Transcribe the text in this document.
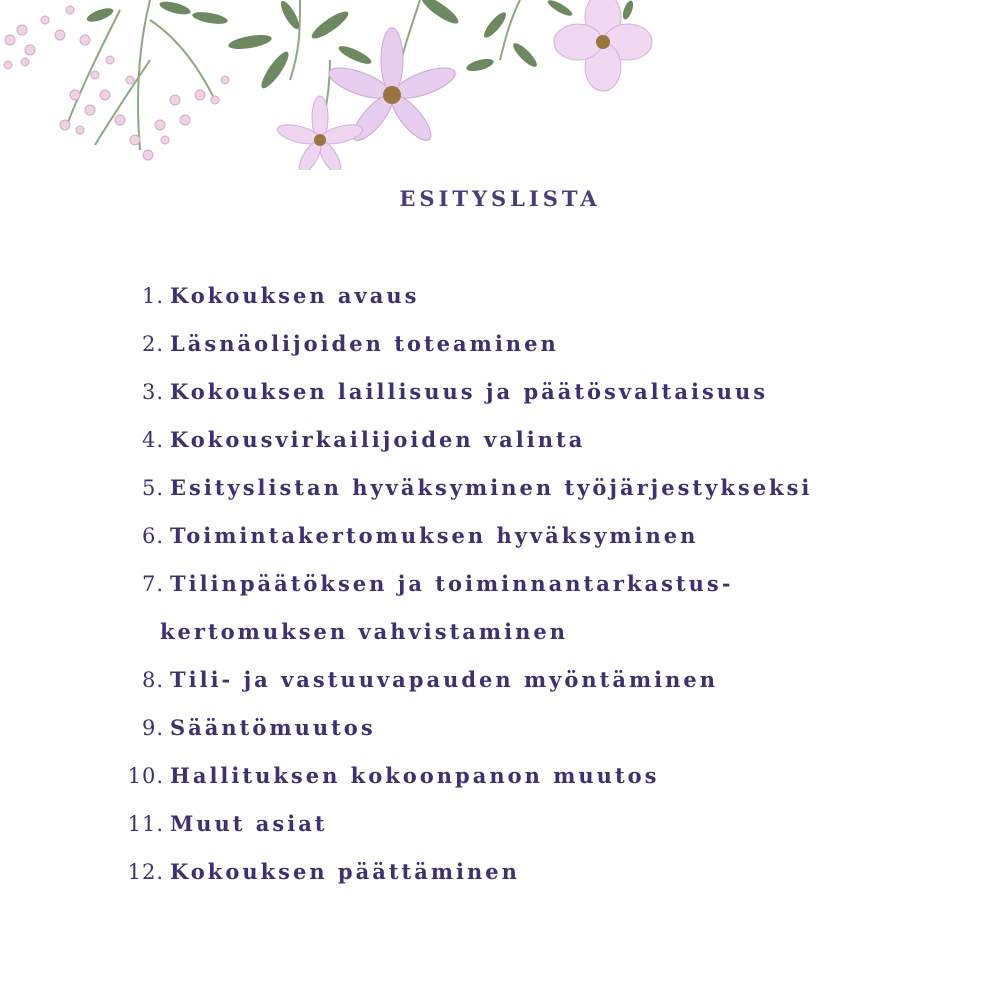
ESITYSLISTA
1. Kokouksen avaus
2. Läsnäolijoiden toteaminen
3. Kokouksen laillisuus ja päätösvaltaisuus
4. Kokousvirkailijoiden valinta
5. Esityslistan hyväksyminen työjärjestykseksi
6. Toimintakertomuksen hyväksyminen
7. Tilinpäätöksen ja toiminnantarkastus-
kertomuksen vahvistaminen
8. Tili- ja vastuuvapauden myöntäminen
9. Sääntömuutos
10. Hallituksen kokoonpanon muutos
11. Muut asiat
12. Kokouksen päättäminen
